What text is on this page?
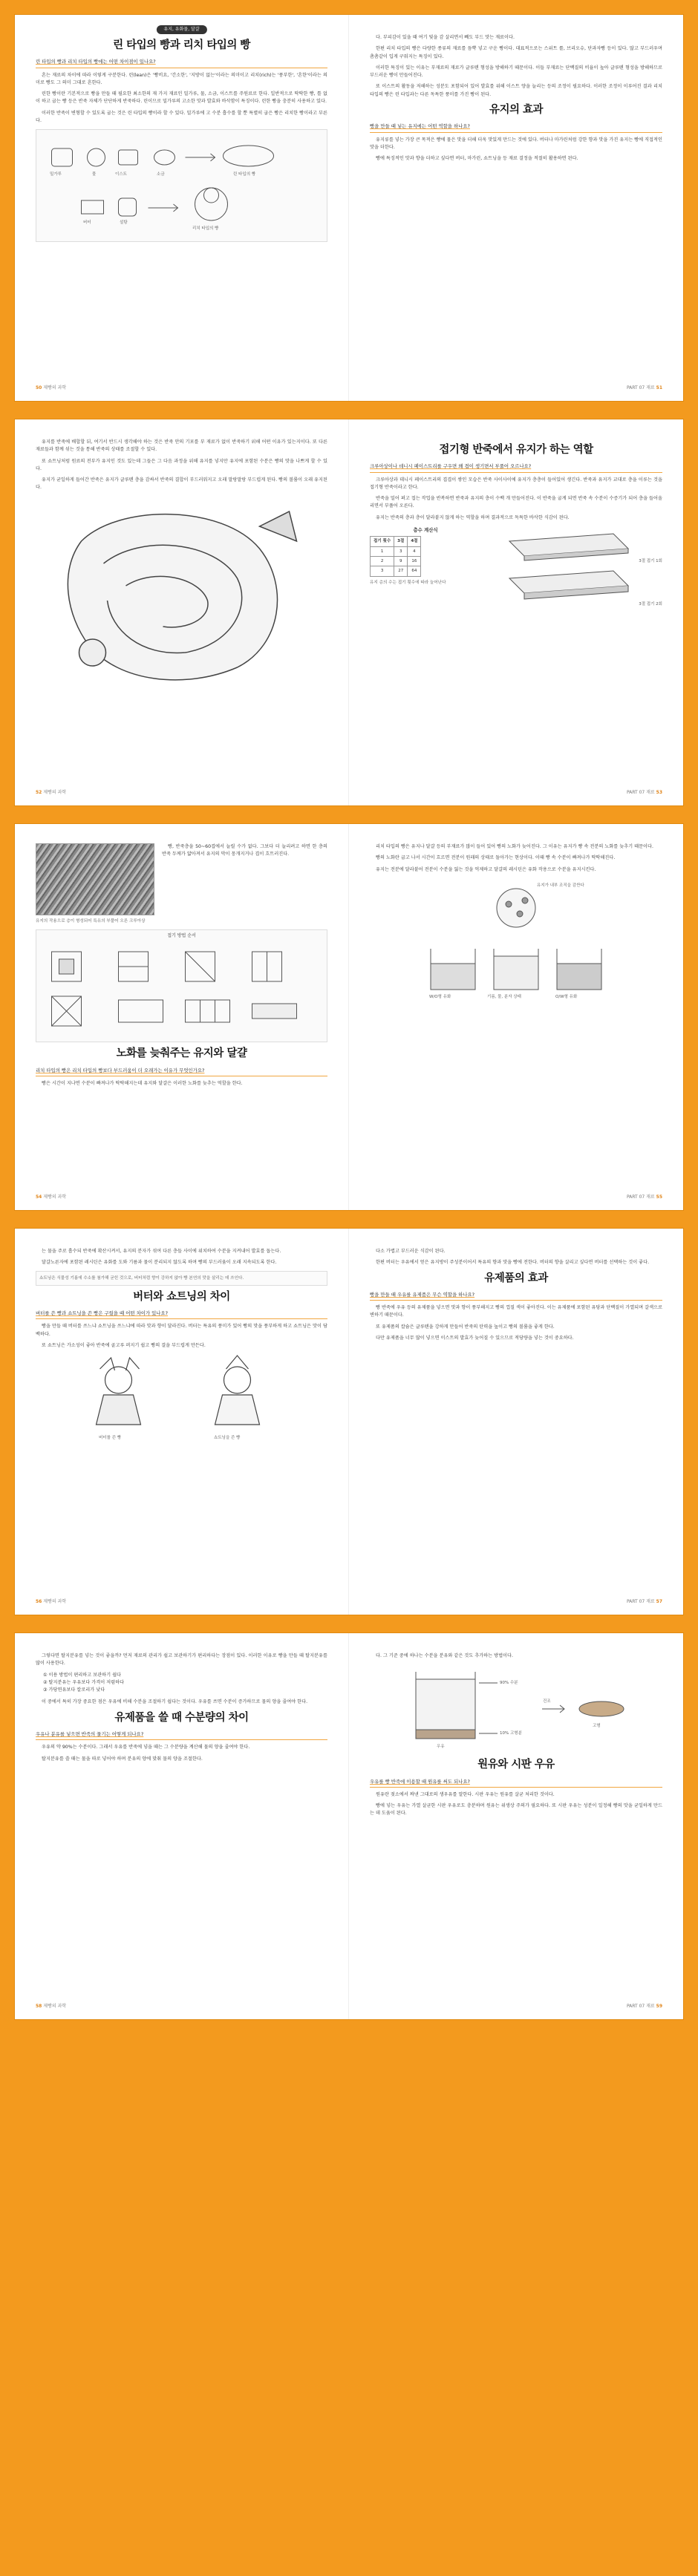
유지, 유화물, 달걀
린 타입의 빵과 리치 타입의 빵
린 타입의 빵과 리치 타입의 빵에는 어떤 차이점이 있나요?

흔는 재료의 차이에 따라 이렇게 구분한다. 린(lean)은 '빵비요, '간소한', '지방이 없는'이라는 의미이고 리치(rich)는 '풍부한', '흔한'이라는 의미로 빵도 그 의미 그대로 흔한다.

린한 빵이란 기본적으로 빵을 만들 때 필요한 최소한의 재 가지 재료인 밀가루, 물, 소금, 이스트를 주원료로 한다. 일반적으로 딱딱한 빵, 틀 없이 하고 굽는 빵 등은 반죽 자체가 단단하게 반죽하다. 린이므로 밀가루의 고소한 맛과 발효와 바삭함이 특징이다. 린한 빵을 충분히 사용하고 있다.

이러한 반죽이 변형할 수 있도록 굽는 것은 린 타입의 빵이라 할 수 있다. 밀가루에 고 수분 흡수를 할 뿐 특별히 굽은 빵은 리치한 빵이라고 부른다.

밀가루	물	이스트	소금	린 타입의 빵
버터	설탕
리치 타입의 빵
50 제빵의 과학

다. 부피감이 있을 때 여기 빛을 감 살리면서 빼도 부드 맛는 재료이다.

한편 리치 타입의 빵은 다량한 종류의 재료를 듬뿍 넣고 구운 빵이다. 대표적으로는 스위트 롤, 브리오슈, 단과자빵 등이 있다. 많고 부드러우며 촘촘같이 입게 구워지는 특징이 있다.

이러한 특징이 있는 이유는 부재료의 재료가 글루텐 형성을 방해하기 때문이다. 이들 부재료는 단백질의 비율이 높아 글루텐 형성을 방해하므로 부드러운 빵이 만들어진다.

또 이스트의 활동을 저해하는 성분도 포함되어 있어 발효를 위해 이스트 양을 늘리는 등의 조정이 필요하다. 이러한 조정이 이루어진 결과 리치 타입의 빵은 린 타입과는 다른 독특한 풍미를 가진 빵이 된다.

유지의 효과
빵을 만들 때 넣는 유지에는 어떤 역할을 하나요?

유지류를 넣는 가장 큰 목적은 빵에 물은 맛을 더해 더욱 맛있게 만드는 것에 있다. 버터나 마가린처럼 강한 향과 맛을 가진 유지는 빵에 직접적인 맛을 더한다.

빵에 특징적인 맛과 향을 더하고 싶다면 버터, 마가린, 쇼트닝을 등 재료 결정을 적절히 활용하면 된다.

PART 07 재료 51

유지를 반죽에 배합할 뒤, 여기서 반드시 생각해야 하는 것은 반죽 안의 기포를 부 재료가 없이 반죽하기 위해 어떤 이유가 있는지이다. 또 다른 재료들과 함께 섞는 것을 통해 반죽의 상태를 조절할 수 있다.

또 쇼트닝처럼 원료의 전부가 유지인 것도 있는데 그들은 그 다음 과정을 위해 유지를 넣지만 유지에 포함된 수분은 빵의 맛을 나쁘게 할 수 있다.

유지가 균일하게 들어간 반죽은 유지가 글루텐 층을 감싸서 반죽의 결합이 부드러워지고 오래 말랑말랑 부드럽게 된다. 빵의 볼륨이 오래 유지된다.

52 제빵의 과학
접기형 반죽에서 유지가 하는 역할
크루아상이나 데니시 페이스트리를 구우면 왜 겹이 생기면서 부풀어 오르나요?

크루아상과 데니시 페이스트리의 겹겹이 쌓인 모습은 반죽 사이사이에 유지가 층층이 들어있어 생긴다. 반죽과 유지가 교대로 층을 이루는 것을 접기형 반죽이라고 한다.

반죽을 밀어 펴고 접는 작업을 반복하면 반죽과 유지의 층이 수백 개 만들어진다. 이 반죽을 굽게 되면 반죽 속 수분이 수증기가 되어 층을 들어올리면서 부풀어 오른다.

유지는 반죽의 층과 층이 달라붙지 않게 하는 역할을 하며 결과적으로 독특한 바삭한 식감이 된다.

층수 계산식
접기 횟수	3절	4절
1	3	4
2	9	16
3	27	64
유지 층의 수는 접기 횟수에 따라 늘어난다
3절 접기 1회
3절 접기 2회
PART 07 재료 53
유지의 작용으로 층이 형성되어 특유의 부풀어 오른 크루아상

빵, 반죽층을 50~60겹에서 늘릴 수가 없다. 그보다 더 늘리려고 하면 한 층의 반죽 두께가 얇아져서 유지의 막이 뭉개지거나 겹이 흐트러진다.

접기 방법 순서
노화를 늦춰주는 유지와 달걀
리치 타입의 빵은 리치 타입의 빵보다 부드러움이 더 오래가는 이유가 무엇인가요?

빵은 시간이 지나면 수분이 빠져나가 딱딱해지는데 유지와 달걀은 이러한 노화를 늦추는 역할을 한다.

54 제빵의 과학

리치 타입의 빵은 유지나 달걀 등의 부재료가 많이 들어 있어 빵의 노화가 늦어진다. 그 이유는 유지가 빵 속 전분의 노화를 늦추기 때문이다.

빵의 노화란 굽고 나서 시간이 흐르면 전분이 원래의 상태로 돌아가는 현상이다. 이때 빵 속 수분이 빠져나가 딱딱해진다.

유지는 전분에 달라붙어 전분이 수분을 잃는 것을 억제하고 달걀의 레시틴은 유화 작용으로 수분을 유지시킨다.

유지가 내부 조직을 감싼다
W/O형 유화	기름, 물, 분자 상태	O/W형 유화
PART 07 재료 55

는 물을 주로 흡수되 반죽에 확산시켜서, 유지의 분자가 섞여 다른 층들 사이에 위치하여 수분을 지켜내어 발효를 돕는다.

달걀노른자에 포함된 레시틴은 유화를 도와 기름과 물이 분리되지 않도록 하며 빵의 부드러움이 오래 지속되도록 한다.

쇼트닝은 식물성 기름에 수소를 첨가해 굳힌 것으로, 버터처럼 향이 강하지 않아 빵 본연의 맛을 살리는 데 쓰인다.
버터와 쇼트닝의 차이
버터를 쓴 빵과 쇼트닝을 쓴 빵은 구웠을 때 어떤 차이가 있나요?

빵을 만들 때 버터를 쓰느냐 쇼트닝을 쓰느냐에 따라 맛과 향이 달라진다. 버터는 특유의 풍미가 있어 빵의 맛을 풍부하게 하고 쇼트닝은 맛이 담백하다.

또 쇼트닝은 가소성이 좋아 반죽에 골고루 퍼지기 쉽고 빵의 결을 부드럽게 만든다.

버터를 쓴 빵	쇼트닝을 쓴 빵
56 제빵의 과학

다소 가볍고 부드러운 식감이 된다.

한편 버터는 우유에서 얻은 유지방이 주성분이어서 특유의 향과 맛을 빵에 전한다. 버터의 향을 살리고 싶다면 버터를 선택하는 것이 좋다.

유제품의 효과
빵을 만들 때 우유를 유제품은 무슨 역할을 하나요?

빵 반죽에 우유 등의 유제품을 넣으면 맛과 향이 풍부해지고 빵의 껍질 색이 좋아진다. 이는 유제품에 포함된 유당과 단백질이 가열되며 갈색으로 변하기 때문이다.

또 유제품의 칼슘은 글루텐을 강하게 만들어 반죽의 탄력을 높이고 빵의 볼륨을 좋게 한다.

다만 유제품을 너무 많이 넣으면 이스트의 발효가 늦어질 수 있으므로 적당량을 넣는 것이 중요하다.

PART 07 재료 57

그렇다면 탈지분유를 넣는 것이 좋을까? 먼저 재료의 관리가 쉽고 보관하기가 편리하다는 장점이 있다. 이러한 이유로 빵을 만들 때 탈지분유를 많이 사용한다.

① 이용 방법이 편리하고 보관하기 쉽다
② 탈지분유는 우유보다 가격이 저렴하다
③ 가당연유보다 칼로리가 낮다

이 중에서 특히 가장 중요한 점은 우유에 비해 수분을 조절하기 쉽다는 것이다. 우유를 쓰면 수분이 증가하므로 물의 양을 줄여야 한다.

유제품을 쓸 때 수분량의 차이
우유나 분유를 넣으면 반죽의 물기는 어떻게 되나요?

우유의 약 90%는 수분이다. 그래서 우유를 반죽에 넣을 때는 그 수분량을 계산해 물의 양을 줄여야 한다.

탈지분유를 쓸 때는 물을 따로 넣어야 하며 분유의 양에 맞춰 물의 양을 조절한다.

58 제빵의 과학

다. 그 기준 중에 하나는 수분을 분유와 같은 것도 추가하는 방법이다.

90% 수분
10% 고형분
우유
고형
건조
원유와 시판 우유
우유를 빵 반죽에 이용할 때 원유를 써도 되나요?

원유란 젖소에서 짜낸 그대로의 생우유를 말한다. 시판 우유는 원유를 살균 처리한 것이다.

빵에 넣는 우유는 가열 살균한 시판 우유로도 충분하며 원유는 위생상 주의가 필요하다. 또 시판 우유는 성분이 일정해 빵의 맛을 균일하게 만드는 데 도움이 된다.

PART 07 재료 59
